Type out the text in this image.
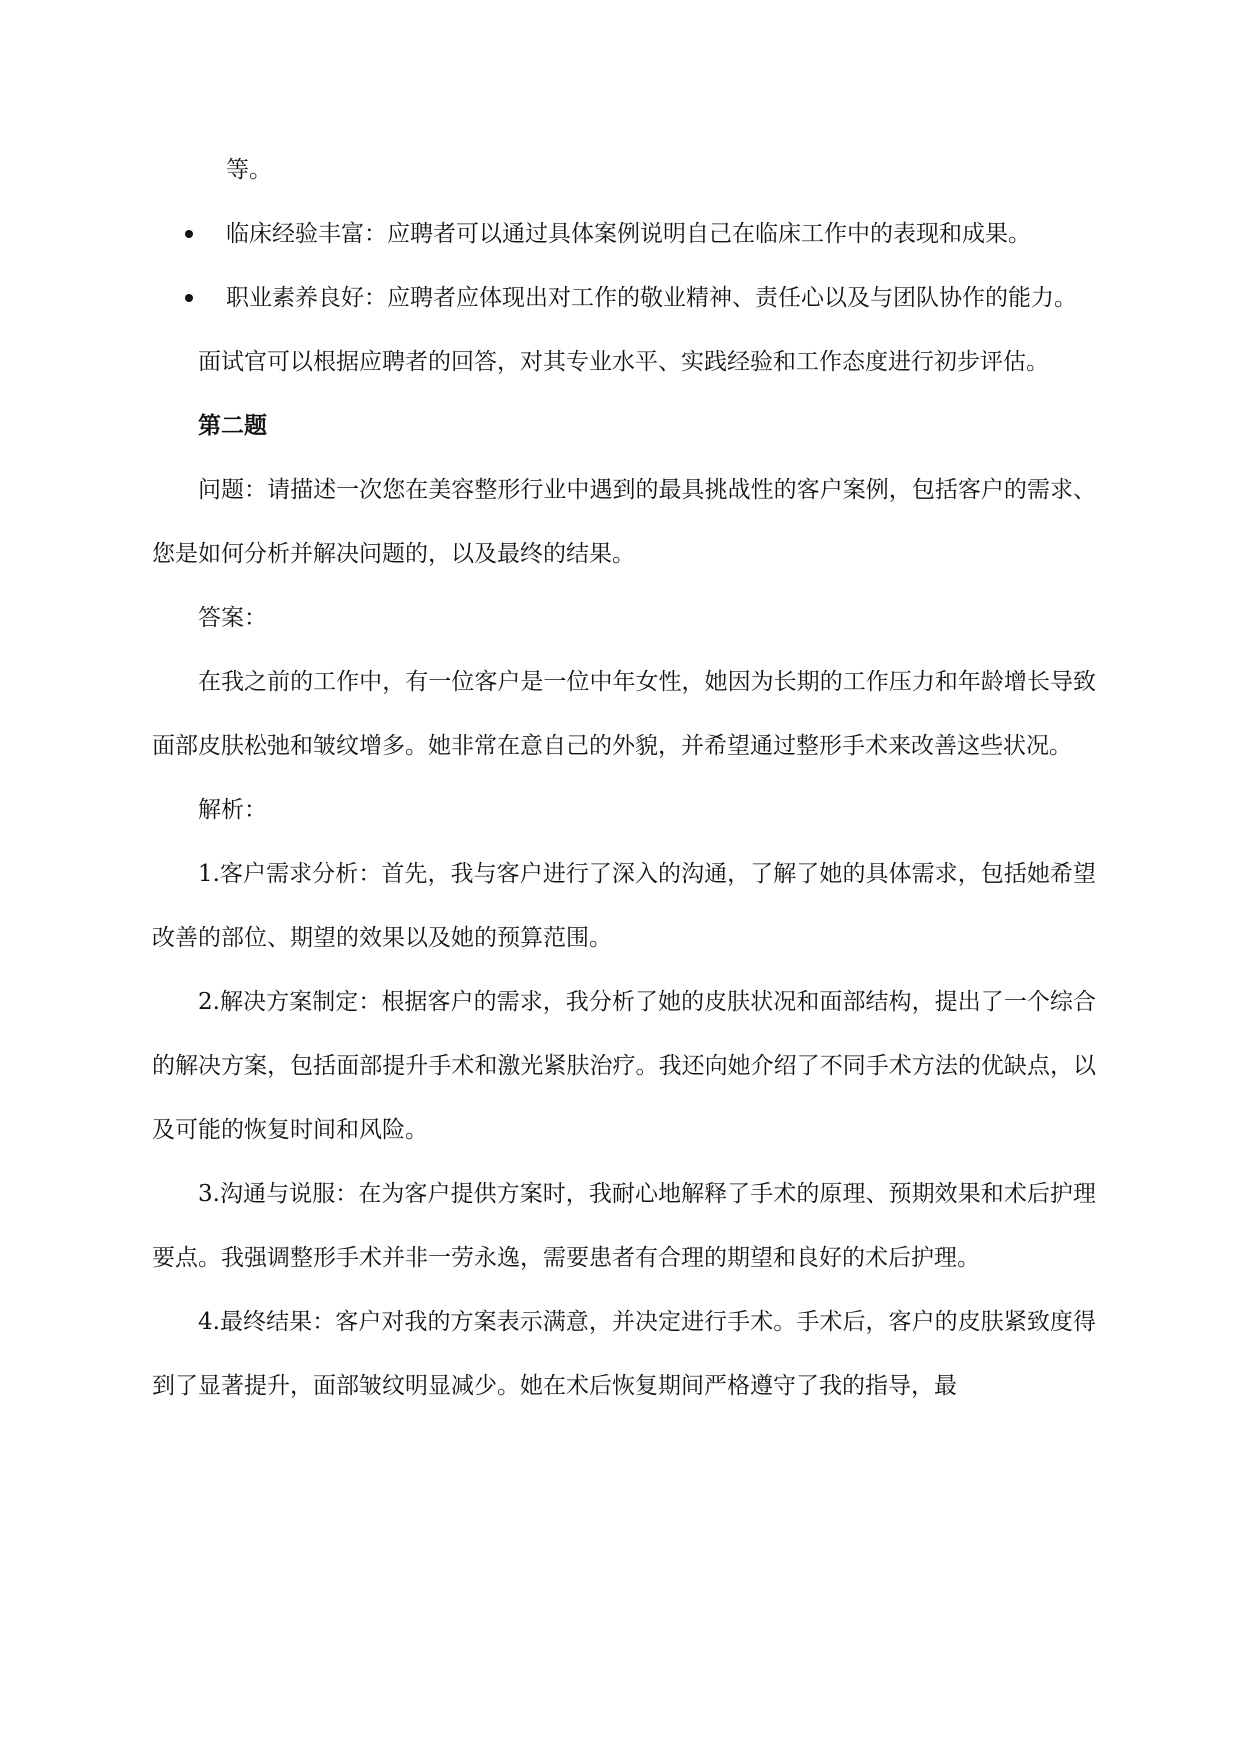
等。

临床经验丰富：应聘者可以通过具体案例说明自己在临床工作中的表现和成果。
职业素养良好：应聘者应体现出对工作的敬业精神、责任心以及与团队协作的能力。

面试官可以根据应聘者的回答，对其专业水平、实践经验和工作态度进行初步评估。

第二题

问题：请描述一次您在美容整形行业中遇到的最具挑战性的客户案例，包括客户的需求、您是如何分析并解决问题的，以及最终的结果。

答案：

在我之前的工作中，有一位客户是一位中年女性，她因为长期的工作压力和年龄增长导致面部皮肤松弛和皱纹增多。她非常在意自己的外貌，并希望通过整形手术来改善这些状况。

解析：

1.客户需求分析：首先，我与客户进行了深入的沟通，了解了她的具体需求，包括她希望改善的部位、期望的效果以及她的预算范围。

2.解决方案制定：根据客户的需求，我分析了她的皮肤状况和面部结构，提出了一个综合的解决方案，包括面部提升手术和激光紧肤治疗。我还向她介绍了不同手术方法的优缺点，以及可能的恢复时间和风险。

3.沟通与说服：在为客户提供方案时，我耐心地解释了手术的原理、预期效果和术后护理要点。我强调整形手术并非一劳永逸，需要患者有合理的期望和良好的术后护理。

4.最终结果：客户对我的方案表示满意，并决定进行手术。手术后，客户的皮肤紧致度得到了显著提升，面部皱纹明显减少。她在术后恢复期间严格遵守了我的指导，最
